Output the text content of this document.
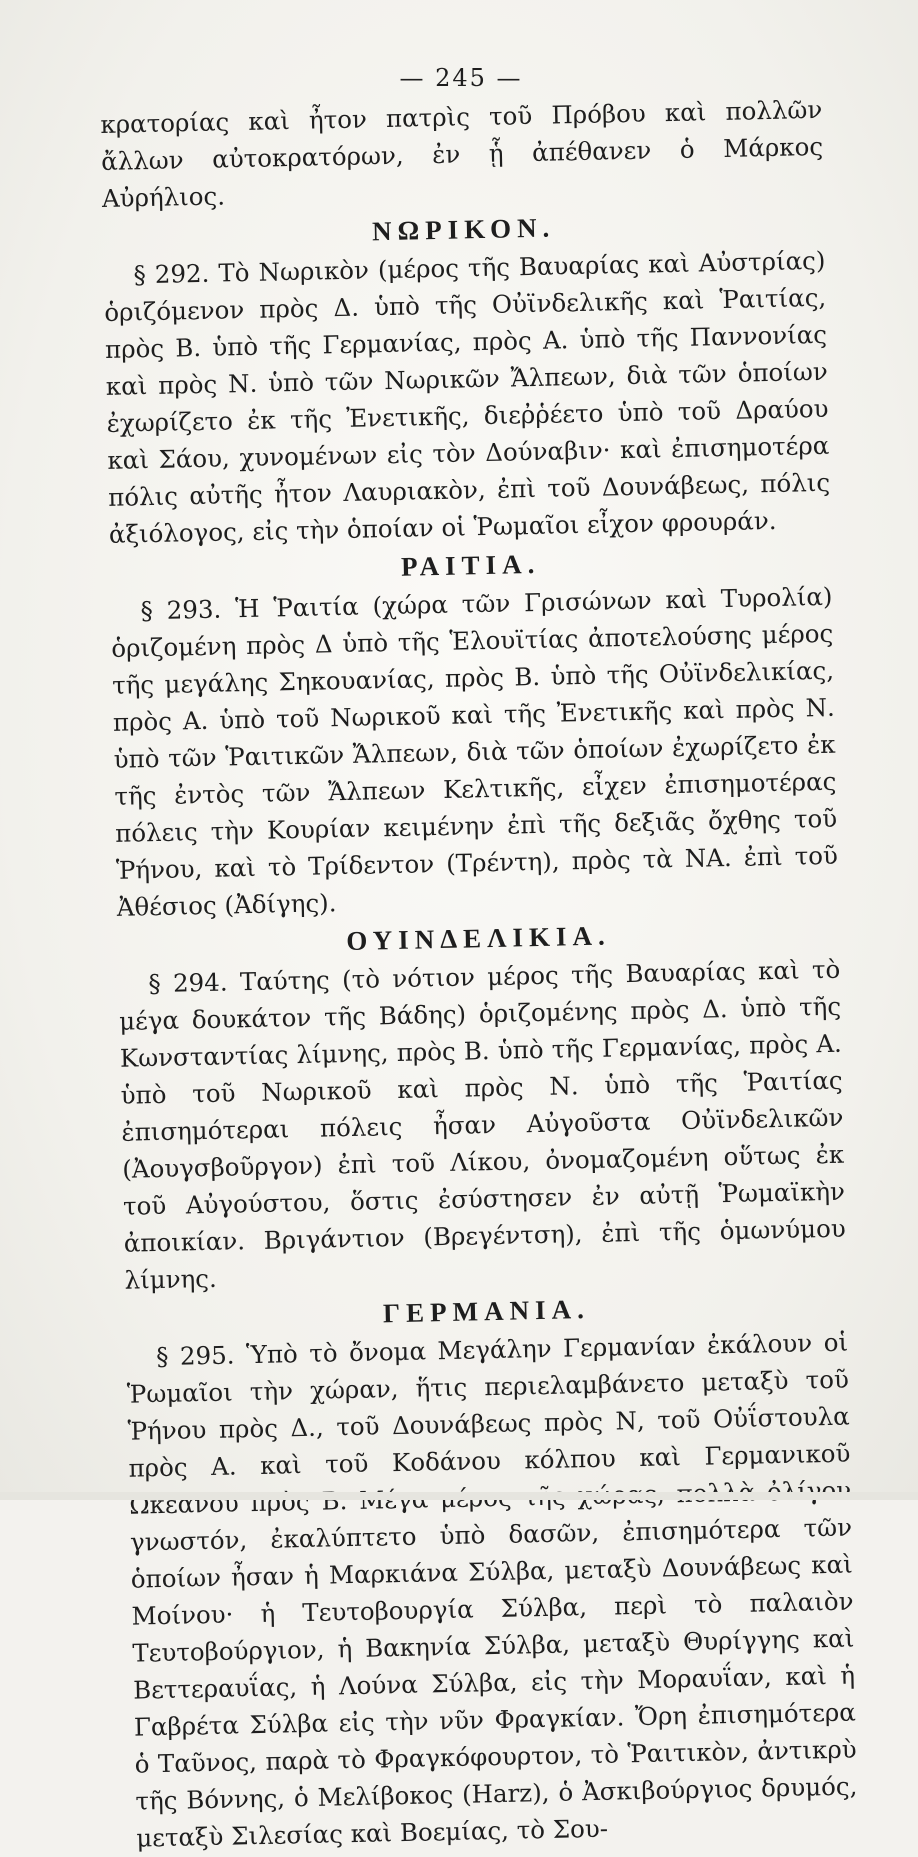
— 245 —

κρατορίας καὶ ἦτον πατρὶς τοῦ Πρόβου καὶ πολλῶν ἄλλων αὐτοκρατόρων, ἐν ᾗ ἀπέθανεν ὁ Μάρκος Αὐρήλιος.

ΝΩΡΙΚΟΝ.

§ 292. Τὸ Νωρικὸν (μέρος τῆς Βαυαρίας καὶ Αὐστρίας) ὁριζόμενον πρὸς Δ. ὑπὸ τῆς Οὐϊνδελικῆς καὶ Ῥαιτίας, πρὸς Β. ὑπὸ τῆς Γερμανίας, πρὸς Α. ὑπὸ τῆς Παννονίας καὶ πρὸς Ν. ὑπὸ τῶν Νωρικῶν Ἄλπεων, διὰ τῶν ὁποίων ἐχωρίζετο ἐκ τῆς Ἐνετικῆς, διεῤῥέετο ὑπὸ τοῦ Δραύου καὶ Σάου, χυνομένων εἰς τὸν Δούναβιν· καὶ ἐπισημοτέρα πόλις αὐτῆς ἦτον Λαυριακὸν, ἐπὶ τοῦ Δουνάβεως, πόλις ἀξιόλογος, εἰς τὴν ὁποίαν οἱ Ῥωμαῖοι εἶχον φρουράν.

ΡΑΙΤΙΑ.

§ 293. Ἡ Ῥαιτία (χώρα τῶν Γρισώνων καὶ Τυρολία) ὁριζομένη πρὸς Δ ὑπὸ τῆς Ἑλουϊτίας ἀποτελούσης μέρος τῆς μεγάλης Σηκουανίας, πρὸς Β. ὑπὸ τῆς Οὐϊνδελικίας, πρὸς Α. ὑπὸ τοῦ Νωρικοῦ καὶ τῆς Ἐνετικῆς καὶ πρὸς Ν. ὑπὸ τῶν Ῥαιτικῶν Ἄλπεων, διὰ τῶν ὁποίων ἐχωρίζετο ἐκ τῆς ἐντὸς τῶν Ἄλπεων Κελτικῆς, εἶχεν ἐπισημοτέρας πόλεις τὴν Κουρίαν κειμένην ἐπὶ τῆς δεξιᾶς ὄχθης τοῦ Ῥήνου, καὶ τὸ Τρίδεντον (Τρέντη), πρὸς τὰ ΝΑ. ἐπὶ τοῦ Ἀθέσιος (Ἀδίγης).

ΟΥΙΝΔΕΛΙΚΙΑ.

§ 294. Ταύτης (τὸ νότιον μέρος τῆς Βαυαρίας καὶ τὸ μέγα δουκάτον τῆς Βάδης) ὁριζομένης πρὸς Δ. ὑπὸ τῆς Κωνσταντίας λίμνης, πρὸς Β. ὑπὸ τῆς Γερμανίας, πρὸς Α. ὑπὸ τοῦ Νωρικοῦ καὶ πρὸς Ν. ὑπὸ τῆς Ῥαιτίας ἐπισημότεραι πόλεις ἦσαν Αὐγοῦστα Οὐϊνδελικῶν (Ἀουγσβοῦργον) ἐπὶ τοῦ Λίκου, ὀνομαζομένη οὕτως ἐκ τοῦ Αὐγούστου, ὅστις ἐσύστησεν ἐν αὐτῇ Ῥωμαϊκὴν ἀποικίαν. Βριγάντιον (Βρεγέντση), ἐπὶ τῆς ὁμωνύμου λίμνης.

ΓΕΡΜΑΝΙΑ.

§ 295. Ὑπὸ τὸ ὄνομα Μεγάλην Γερμανίαν ἐκάλουν οἱ Ῥωμαῖοι τὴν χώραν, ἥτις περιελαμβάνετο μεταξὺ τοῦ Ῥήνου πρὸς Δ., τοῦ Δουνάβεως πρὸς Ν, τοῦ Οὐΐστουλα πρὸς Α. καὶ τοῦ Κοδάνου κόλπου καὶ Γερμανικοῦ Ὠκεανοῦ πρὸς Β. ὀλίγον γνωστόν, ἐκαλύπτετο ὑπὸ δασῶν, ἐπισημότερα τῶν ὁποίων ἦσαν ἡ Μαρκιάνα Σύλβα, μεταξὺ Δουνάβεως καὶ Μοίνου· ἡ Τευτοβουργία Σύλβα, περὶ τὸ παλαιὸν Τευτοβούργιον, ἡ Βακηνία Σύλβα, μεταξὺ Θυρίγγης καὶ Βεττεραυΐας, ἡ Λούνα Σύλβα, εἰς τὴν Μοραυΐαν, καὶ ἡ Γαβρέτα Σύλβα εἰς τὴν νῦν Φραγκίαν. Ὄρη ἐπισημότερα ὁ Ταῦνος, παρὰ τὸ Φραγκόφουρτον, τὸ Ῥαιτικὸν, ἀντικρὺ τῆς Βόννης, ὁ Μελίβοκος (Harz), ὁ Ἀσκιβούργιος δρυμός, μεταξὺ Σιλεσίας καὶ Βοεμίας, τὸ Σου-
